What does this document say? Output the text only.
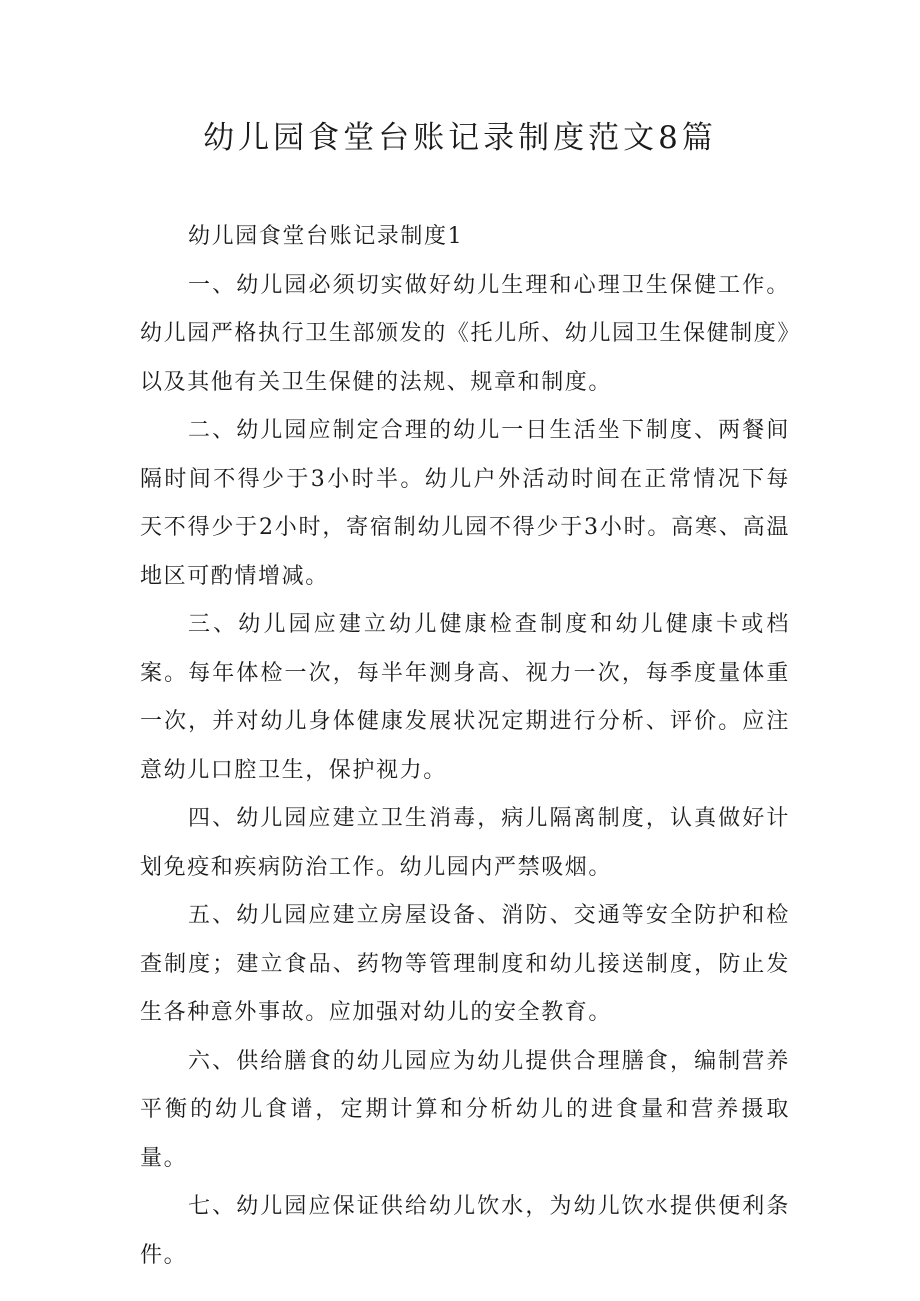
幼儿园食堂台账记录制度范文8篇

幼儿园食堂台账记录制度1

一、幼儿园必须切实做好幼儿生理和心理卫生保健工作。幼儿园严格执行卫生部颁发的《托儿所、幼儿园卫生保健制度》以及其他有关卫生保健的法规、规章和制度。

二、幼儿园应制定合理的幼儿一日生活坐下制度、两餐间隔时间不得少于3小时半。幼儿户外活动时间在正常情况下每天不得少于2小时，寄宿制幼儿园不得少于3小时。高寒、高温地区可酌情增减。

三、幼儿园应建立幼儿健康检查制度和幼儿健康卡或档案。每年体检一次，每半年测身高、视力一次，每季度量体重一次，并对幼儿身体健康发展状况定期进行分析、评价。应注意幼儿口腔卫生，保护视力。

四、幼儿园应建立卫生消毒，病儿隔离制度，认真做好计划免疫和疾病防治工作。幼儿园内严禁吸烟。

五、幼儿园应建立房屋设备、消防、交通等安全防护和检查制度；建立食品、药物等管理制度和幼儿接送制度，防止发生各种意外事故。应加强对幼儿的安全教育。

六、供给膳食的幼儿园应为幼儿提供合理膳食，编制营养平衡的幼儿食谱，定期计算和分析幼儿的进食量和营养摄取量。

七、幼儿园应保证供给幼儿饮水，为幼儿饮水提供便利条件。
